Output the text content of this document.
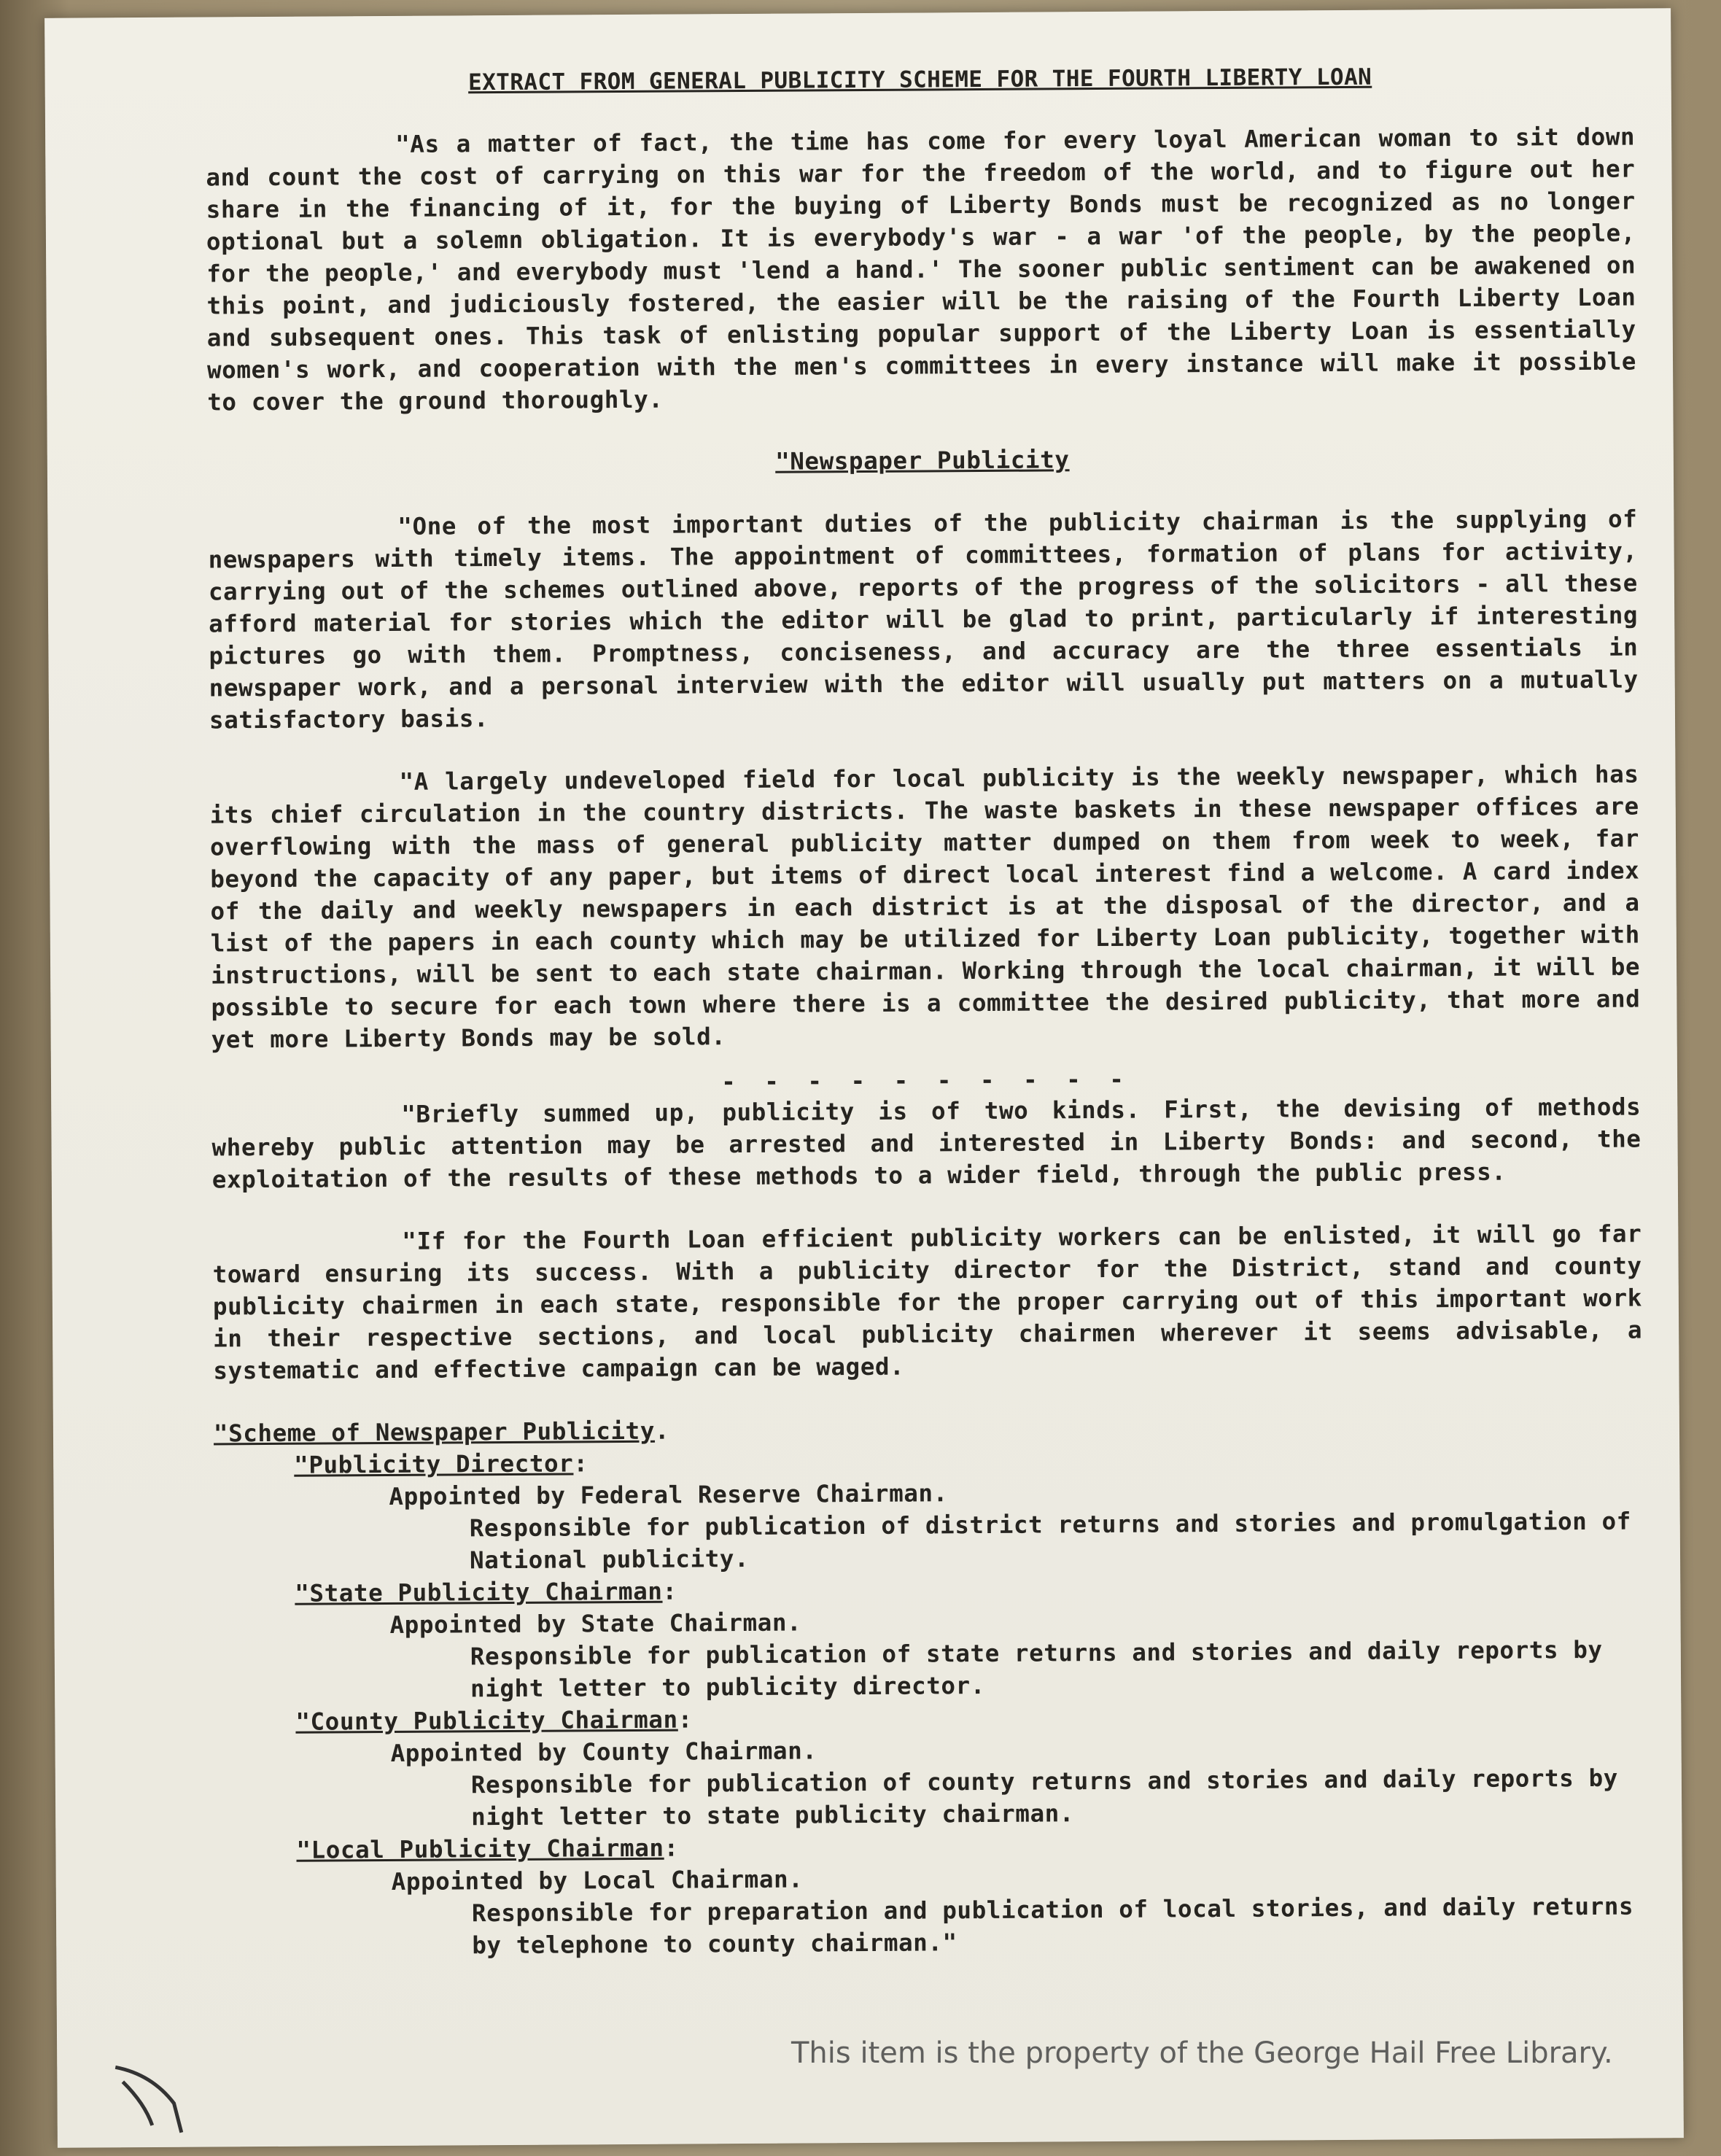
EXTRACT FROM GENERAL PUBLICITY SCHEME FOR THE FOURTH LIBERTY LOAN
"As a matter of fact, the time has come for every loyal American woman to sit down and count the cost of carrying on this war for the freedom of the world, and to figure out her share in the financing of it, for the buying of Liberty Bonds must be recognized as no longer optional but a solemn obligation. It is everybody's war - a war 'of the people, by the people, for the people,' and everybody must 'lend a hand.' The sooner public sentiment can be awakened on this point, and judiciously fostered, the easier will be the raising of the Fourth Liberty Loan and subsequent ones. This task of enlisting popular support of the Liberty Loan is essentially women's work, and cooperation with the men's committees in every instance will make it possible to cover the ground thoroughly.
"Newspaper Publicity
"One of the most important duties of the publicity chairman is the supplying of newspapers with timely items. The appointment of committees, formation of plans for activity, carrying out of the schemes outlined above, reports of the progress of the solicitors - all these afford material for stories which the editor will be glad to print, particularly if interesting pictures go with them. Promptness, conciseness, and accuracy are the three essentials in newspaper work, and a personal interview with the editor will usually put matters on a mutually satisfactory basis.
"A largely undeveloped field for local publicity is the weekly newspaper, which has its chief circulation in the country districts. The waste baskets in these newspaper offices are overflowing with the mass of general publicity matter dumped on them from week to week, far beyond the capacity of any paper, but items of direct local interest find a welcome. A card index of the daily and weekly newspapers in each district is at the disposal of the director, and a list of the papers in each county which may be utilized for Liberty Loan publicity, together with instructions, will be sent to each state chairman. Working through the local chairman, it will be possible to secure for each town where there is a committee the desired publicity, that more and yet more Liberty Bonds may be sold.
- - - - - - - - - -
"Briefly summed up, publicity is of two kinds. First, the devising of methods whereby public attention may be arrested and interested in Liberty Bonds: and second, the exploitation of the results of these methods to a wider field, through the public press.
"If for the Fourth Loan efficient publicity workers can be enlisted, it will go far toward ensuring its success. With a publicity director for the District, stand and county publicity chairmen in each state, responsible for the proper carrying out of this important work in their respective sections, and local publicity chairmen wherever it seems advisable, a systematic and effective campaign can be waged.
"Scheme of Newspaper Publicity.
"Publicity Director:
Appointed by Federal Reserve Chairman.
Responsible for publication of district returns and stories and promulgation of National publicity.
"State Publicity Chairman:
Appointed by State Chairman.
Responsible for publication of state returns and stories and daily reports by night letter to publicity director.
"County Publicity Chairman:
Appointed by County Chairman.
Responsible for publication of county returns and stories and daily reports by night letter to state publicity chairman.
"Local Publicity Chairman:
Appointed by Local Chairman.
Responsible for preparation and publication of local stories, and daily returns by telephone to county chairman."
This item is the property of the George Hail Free Library.
